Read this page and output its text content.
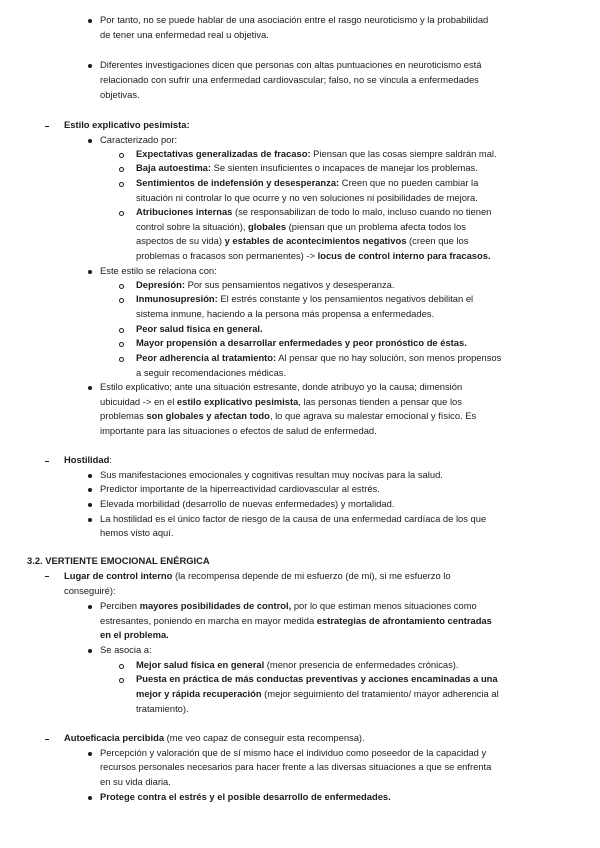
Por tanto, no se puede hablar de una asociación entre el rasgo neuroticismo y la probabilidad
de tener una enfermedad real u objetiva.
Diferentes investigaciones dicen que personas con altas puntuaciones en neuroticismo está
relacionado con sufrir una enfermedad cardiovascular; falso, no se vincula a enfermedades
objetivas.
Estilo explicativo pesimista:
Caracterizado por:
Expectativas generalizadas de fracaso: Piensan que las cosas siempre saldrán mal.
Baja autoestima: Se sienten insuficientes o incapaces de manejar los problemas.
Sentimientos de indefensión y desesperanza: Creen que no pueden cambiar la
situación ni controlar lo que ocurre y no ven soluciones ni posibilidades de mejora.
Atribuciones internas (se responsabilizan de todo lo malo, incluso cuando no tienen
control sobre la situación), globales (piensan que un problema afecta todos los
aspectos de su vida) y estables de acontecimientos negativos (creen que los
problemas o fracasos son permanentes) -> locus de control interno para fracasos.
Este estilo se relaciona con:
Depresión: Por sus pensamientos negativos y desesperanza.
Inmunosupresión: El estrés constante y los pensamientos negativos debilitan el
sistema inmune, haciendo a la persona más propensa a enfermedades.
Peor salud física en general.
Mayor propensión a desarrollar enfermedades y peor pronóstico de éstas.
Peor adherencia al tratamiento: Al pensar que no hay solución, son menos propensos
a seguir recomendaciones médicas.
Estilo explicativo; ante una situación estresante, donde atribuyo yo la causa; dimensión
ubicuidad -> en el estilo explicativo pesimista, las personas tienden a pensar que los
problemas son globales y afectan todo, lo que agrava su malestar emocional y físico. Es
importante para las situaciones o efectos de salud de enfermedad.
Hostilidad:
Sus manifestaciones emocionales y cognitivas resultan muy nocivas para la salud.
Predictor importante de la hiperreactividad cardiovascular al estrés.
Elevada morbilidad (desarrollo de nuevas enfermedades) y mortalidad.
La hostilidad es el único factor de riesgo de la causa de una enfermedad cardíaca de los que
hemos visto aquí.
3.2. VERTIENTE EMOCIONAL ENÉRGICA
Lugar de control interno (la recompensa depende de mi esfuerzo (de mi), si me esfuerzo lo
conseguiré):
Perciben mayores posibilidades de control, por lo que estiman menos situaciones como
estresantes, poniendo en marcha en mayor medida estrategias de afrontamiento centradas
en el problema.
Se asocia a:
Mejor salud física en general (menor presencia de enfermedades crónicas).
Puesta en práctica de más conductas preventivas y acciones encaminadas a una
mejor y rápida recuperación (mejor seguimiento del tratamiento/ mayor adherencia al
tratamiento).
Autoeficacia percibida (me veo capaz de conseguir esta recompensa).
Percepción y valoración que de sí mismo hace el individuo como poseedor de la capacidad y
recursos personales necesarios para hacer frente a las diversas situaciones a que se enfrenta
en su vida diaria.
Protege contra el estrés y el posible desarrollo de enfermedades.
